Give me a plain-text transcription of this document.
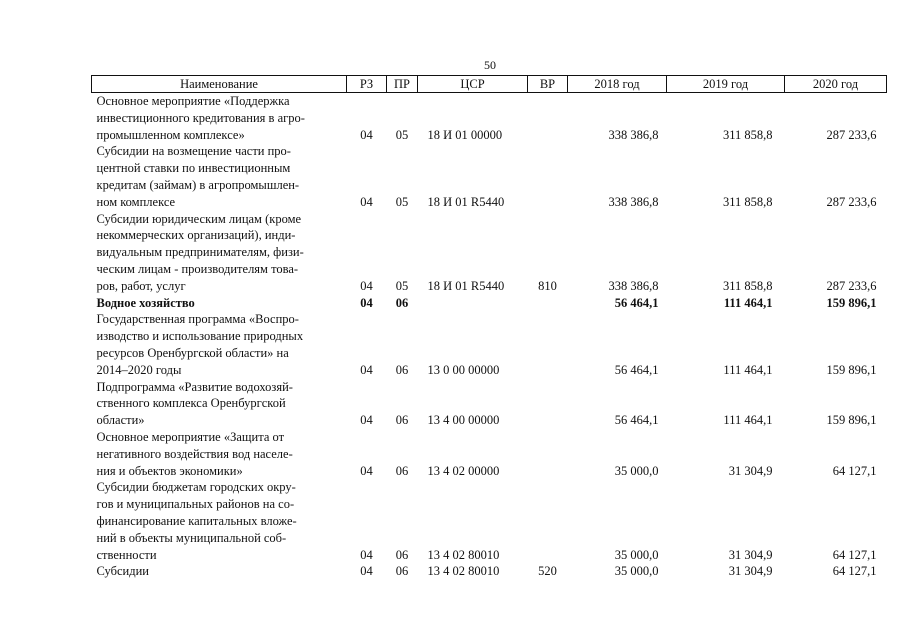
50
Наименование	РЗ	ПР	ЦСР	ВР	2018 год	2019 год	2020 год

Основное мероприятие «Поддержка
инвестиционного кредитования в агро-
промышленном комплексе»	04	05	18 И 01 00000		338 386,8	311 858,8	287 233,6

Субсидии на возмещение части про-
центной ставки по инвестиционным
кредитам (займам) в агропромышлен-
ном комплексе	04	05	18 И 01 R5440		338 386,8	311 858,8	287 233,6

Субсидии юридическим лицам (кроме
некоммерческих организаций), инди-
видуальным предпринимателям, физи-
ческим лицам - производителям това-
ров, работ, услуг	04	05	18 И 01 R5440	810	338 386,8	311 858,8	287 233,6

Водное хозяйство	04	06			56 464,1	111 464,1	159 896,1

Государственная программа «Воспро-
изводство и использование природных
ресурсов Оренбургской области» на
2014–2020 годы	04	06	13 0 00 00000		56 464,1	111 464,1	159 896,1

Подпрограмма «Развитие водохозяй-
ственного комплекса Оренбургской
области»	04	06	13 4 00 00000		56 464,1	111 464,1	159 896,1

Основное мероприятие «Защита от
негативного воздействия вод населе-
ния и объектов экономики»	04	06	13 4 02 00000		35 000,0	31 304,9	64 127,1

Субсидии бюджетам городских окру-
гов и муниципальных районов на со-
финансирование капитальных вложе-
ний в объекты муниципальной соб-
ственности	04	06	13 4 02 80010		35 000,0	31 304,9	64 127,1

Субсидии	04	06	13 4 02 80010	520	35 000,0	31 304,9	64 127,1
